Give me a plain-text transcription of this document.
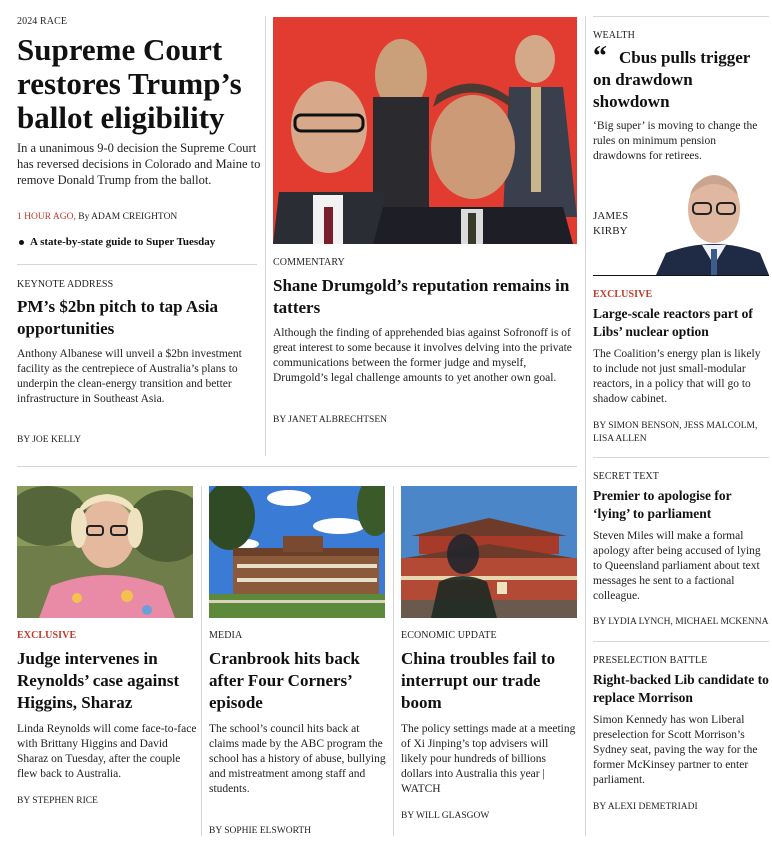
2024 RACE
Supreme Court restores Trump’s ballot eligibility
In a unanimous 9-0 decision the Supreme Court has reversed decisions in Colorado and Maine to remove Donald Trump from the ballot.
1 HOUR AGO, By ADAM CREIGHTON
A state-by-state guide to Super Tuesday
KEYNOTE ADDRESS
PM’s $2bn pitch to tap Asia opportunities
Anthony Albanese will unveil a $2bn investment facility as the centrepiece of Australia’s plans to underpin the clean-energy transition and better infrastructure in Southeast Asia.
BY JOE KELLY
COMMENTARY
Shane Drumgold’s reputation remains in tatters
Although the finding of apprehended bias against Sofronoff is of great interest to some because it involves delving into the private communications between the former judge and myself, Drumgold’s legal challenge amounts to yet another own goal.
BY JANET ALBRECHTSEN
WEALTH
“ Cbus pulls trigger on drawdown showdown
‘Big super’ is moving to change the rules on minimum pension drawdowns for retirees.
JAMES
KIRBY
EXCLUSIVE
Large-scale reactors part of Libs’ nuclear option
The Coalition’s energy plan is likely to include not just small-modular reactors, in a policy that will go to shadow cabinet.
BY SIMON BENSON, JESS MALCOLM, LISA ALLEN
SECRET TEXT
Premier to apologise for ‘lying’ to parliament
Steven Miles will make a formal apology after being accused of lying to Queensland parliament about text messages he sent to a factional colleague.
BY LYDIA LYNCH, MICHAEL MCKENNA
PRESELECTION BATTLE
Right-backed Lib candidate to replace Morrison
Simon Kennedy has won Liberal preselection for Scott Morrison’s Sydney seat, paving the way for the former McKinsey partner to enter parliament.
BY ALEXI DEMETRIADI
EXCLUSIVE
Judge intervenes in Reynolds’ case against Higgins, Sharaz
Linda Reynolds will come face-to-face with Brittany Higgins and David Sharaz on Tuesday, after the couple flew back to Australia.
BY STEPHEN RICE
MEDIA
Cranbrook hits back after Four Corners’ episode
The school’s council hits back at claims made by the ABC program the school has a history of abuse, bullying and mistreatment among staff and students.
BY SOPHIE ELSWORTH
ECONOMIC UPDATE
China troubles fail to interrupt our trade boom
The policy settings made at a meeting of Xi Jinping’s top advisers will likely pour hundreds of billions dollars into Australia this year | WATCH
BY WILL GLASGOW
